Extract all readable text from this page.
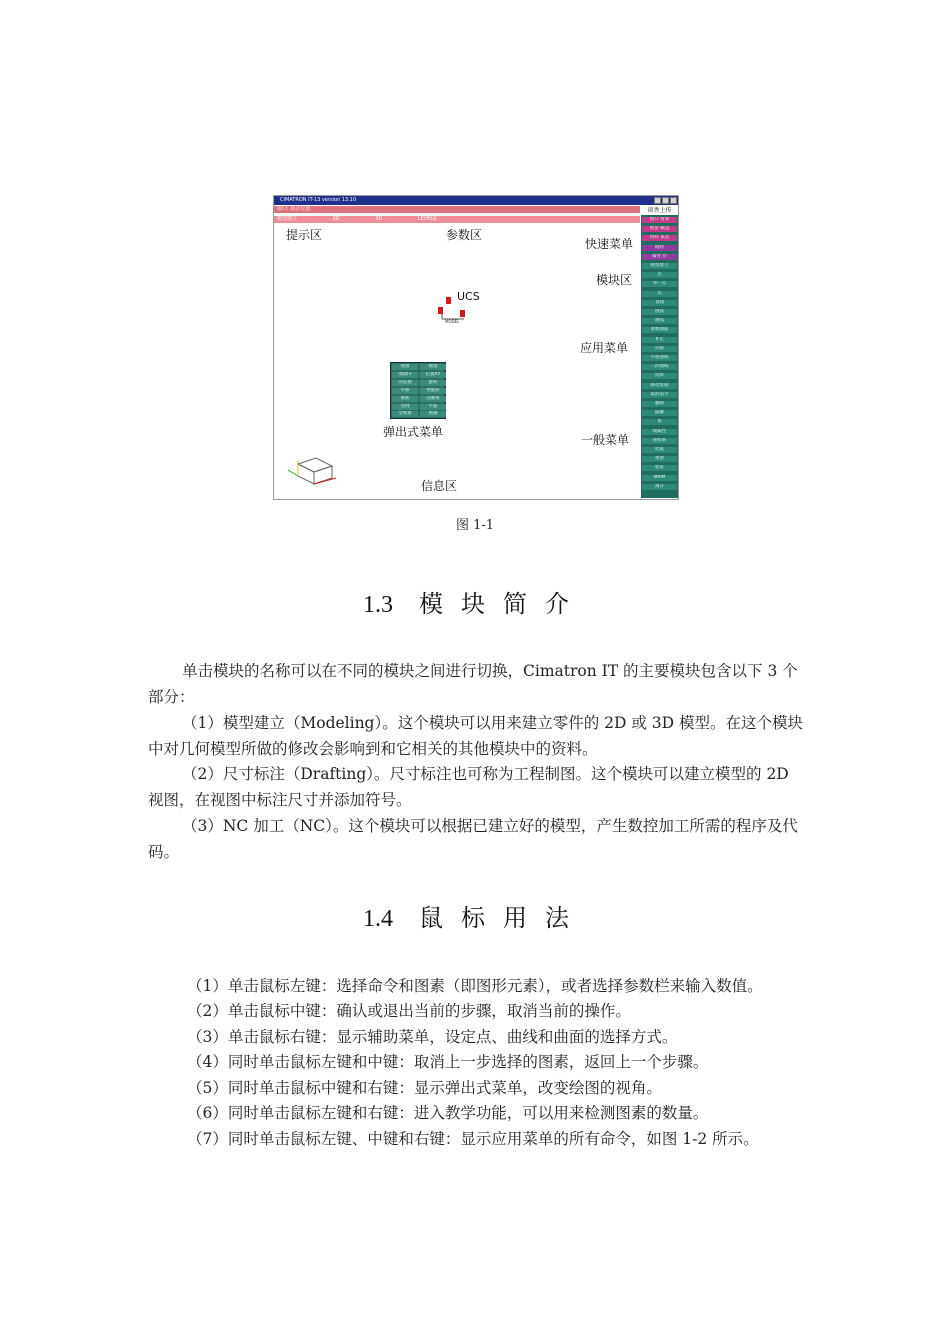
CIMATRON IT-13 version 13.10
窗口: 指示位置
模型建立	3D	3D	LEVEL0
窗香上传
窗口 看菜
视显 赋设
资料 讯息
线特
属性 层
模型建立
点
单一点
点
直线
圆弧
画弧
参数曲面
补正
扫掠
平面曲线
二阶曲线
投影
移动复制
取消前令
删除
隐藏
显
线属性
座标系
档案
视窗
验证
MPIM
离开
提示区	参数区
快速菜单
模块区
应用菜单
一般菜单
弹出式菜单
信息区
UCS
MODEL
视窗	视角
-缩放+	位置XY
动态视	旋转
平移	物旋转
重新	动画角
比例	平面
全视窗	重画
图 1-1
1.3 模块简介
单击模块的名称可以在不同的模块之间进行切换，Cimatron IT 的主要模块包含以下 3 个部分：
（1）模型建立（Modeling）。这个模块可以用来建立零件的 2D 或 3D 模型。在这个模块中对几何模型所做的修改会影响到和它相关的其他模块中的资料。
（2）尺寸标注（Drafting）。尺寸标注也可称为工程制图。这个模块可以建立模型的 2D 视图，在视图中标注尺寸并添加符号。
（3）NC 加工（NC）。这个模块可以根据已建立好的模型，产生数控加工所需的程序及代码。
1.4 鼠标用法
（1）单击鼠标左键：选择命令和图素（即图形元素），或者选择参数栏来输入数值。
（2）单击鼠标中键：确认或退出当前的步骤，取消当前的操作。
（3）单击鼠标右键：显示辅助菜单，设定点、曲线和曲面的选择方式。
（4）同时单击鼠标左键和中键：取消上一步选择的图素，返回上一个步骤。
（5）同时单击鼠标中键和右键：显示弹出式菜单，改变绘图的视角。
（6）同时单击鼠标左键和右键：进入教学功能，可以用来检测图素的数量。
（7）同时单击鼠标左键、中键和右键：显示应用菜单的所有命令，如图 1-2 所示。
